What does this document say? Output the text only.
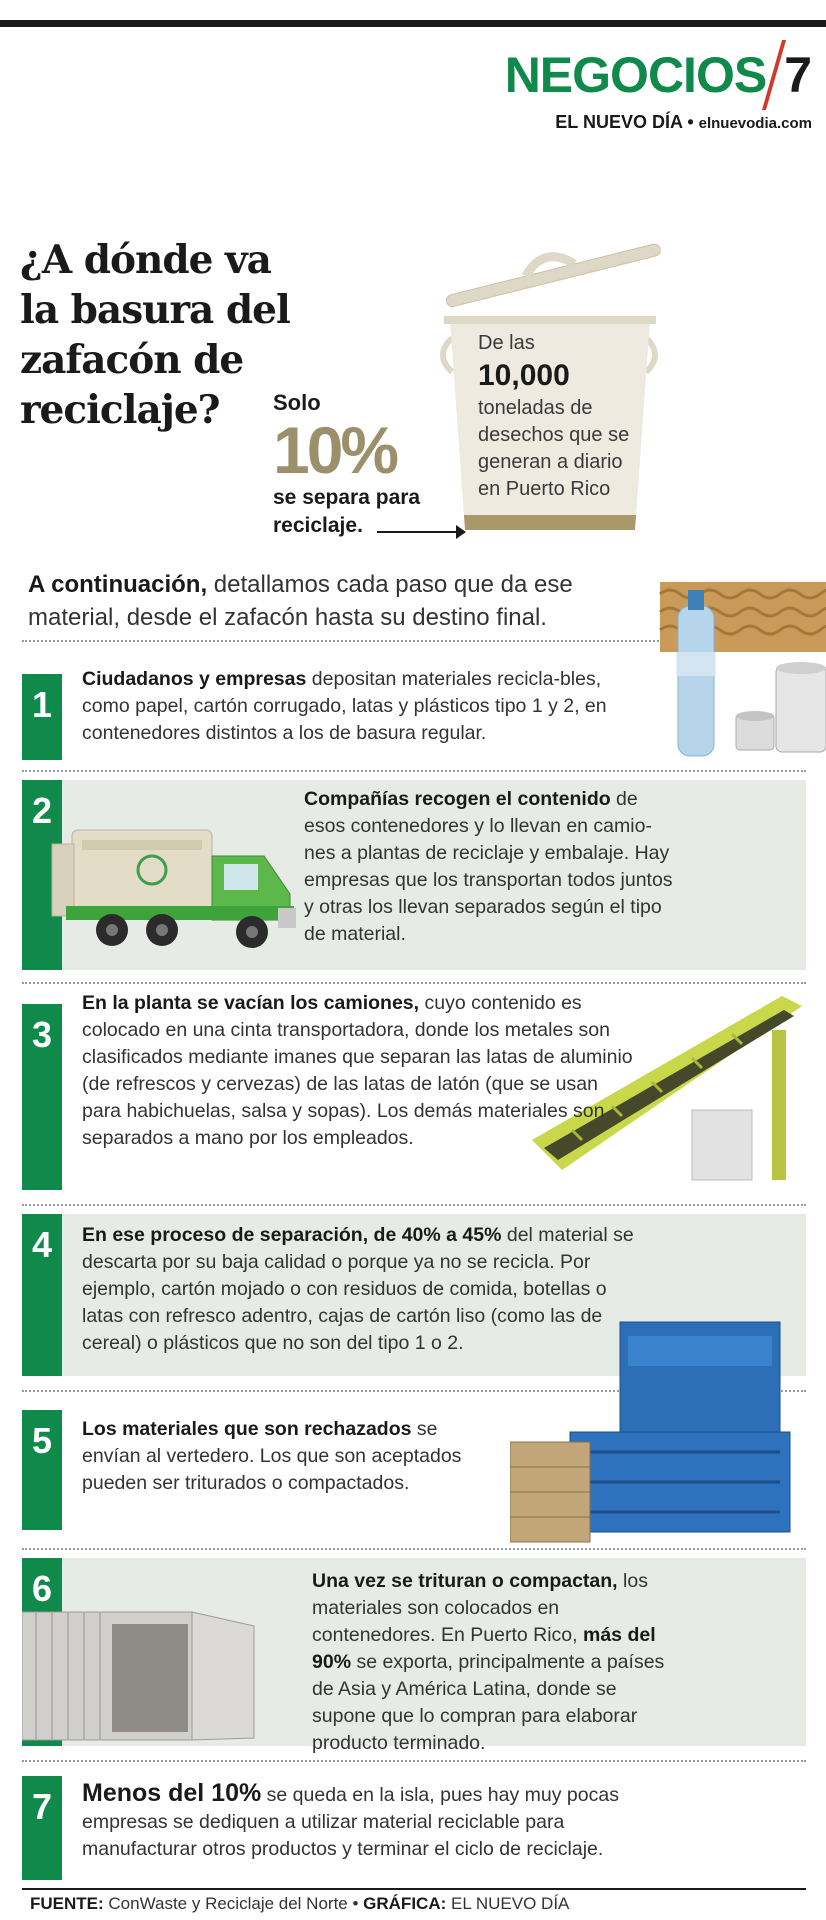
NEGOCIOS 7
EL NUEVO DÍA • elnuevodia.com
¿A dónde va la basura del zafacón de reciclaje?
De las
10,000
toneladas de desechos que se generan a diario en Puerto Rico
Solo
10%
se separa para
reciclaje.

A continuación, detallamos cada paso que da ese material, desde el zafacón hasta su destino final.

1

Ciudadanos y empresas depositan materiales recicla-bles, como papel, cartón corrugado, latas y plásticos tipo 1 y 2, en contenedores distintos a los de basura regular.

2	Compañías recogen el contenido de esos contenedores y lo llevan en camio-nes a plantas de reciclaje y embalaje. Hay empresas que los transportan todos juntos y otras los llevan separados según el tipo de material.

3

En la planta se vacían los camiones, cuyo contenido es colocado en una cinta transportadora, donde los metales son clasificados mediante imanes que separan las latas de aluminio (de refrescos y cervezas) de las latas de latón (que se usan para habichuelas, salsa y sopas). Los demás materiales son separados a mano por los empleados.

4	En ese proceso de separación, de 40% a 45% del material se descarta por su baja calidad o porque ya no se recicla. Por ejemplo, cartón mojado o con residuos de comida, botellas o latas con refresco adentro, cajas de cartón liso (como las de cereal) o plásticos que no son del tipo 1 o 2.

5	Los materiales que son rechazados se envían al vertedero. Los que son aceptados pueden ser triturados o compactados.

6	Una vez se trituran o compactan, los materiales son colocados en contenedores. En Puerto Rico, más del 90% se exporta, principalmente a países de Asia y América Latina, donde se supone que lo compran para elaborar producto terminado.

7	Menos del 10% se queda en la isla, pues hay muy pocas empresas se dediquen a utilizar material reciclable para manufacturar otros productos y terminar el ciclo de reciclaje.

FUENTE: ConWaste y Reciclaje del Norte • GRÁFICA: EL NUEVO DÍA
